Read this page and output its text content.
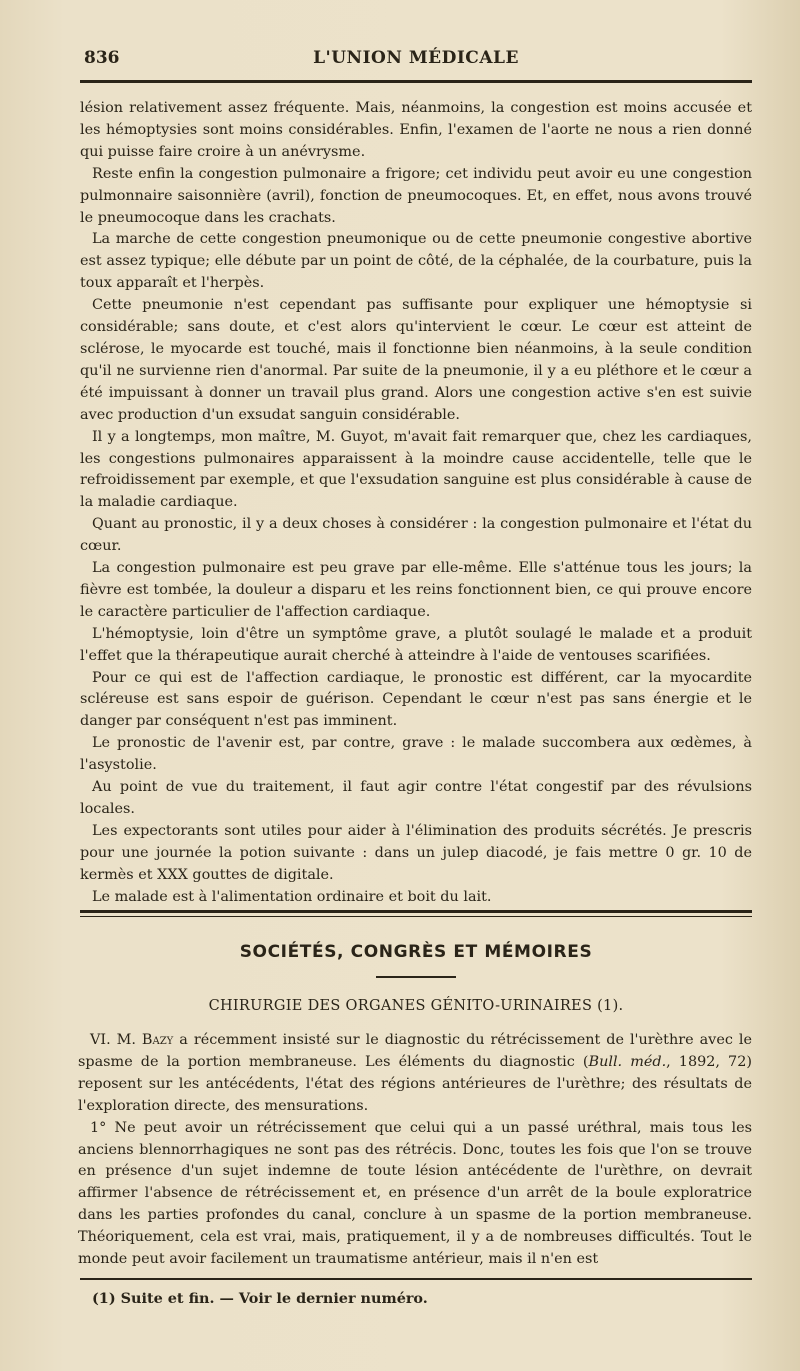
836	L'UNION MÉDICALE

lésion relativement assez fréquente. Mais, néanmoins, la congestion est moins accusée et les hémoptysies sont moins considérables. Enfin, l'examen de l'aorte ne nous a rien donné qui puisse faire croire à un anévrysme.

Reste enfin la congestion pulmonaire a frigore; cet individu peut avoir eu une congestion pulmonnaire saisonnière (avril), fonction de pneumocoques. Et, en effet, nous avons trouvé le pneumocoque dans les crachats.

La marche de cette congestion pneumonique ou de cette pneumonie congestive abortive est assez typique; elle débute par un point de côté, de la céphalée, de la courbature, puis la toux apparaît et l'herpès.

Cette pneumonie n'est cependant pas suffisante pour expliquer une hémoptysie si considérable; sans doute, et c'est alors qu'intervient le cœur. Le cœur est atteint de sclérose, le myocarde est touché, mais il fonctionne bien néanmoins, à la seule condition qu'il ne survienne rien d'anormal. Par suite de la pneumonie, il y a eu pléthore et le cœur a été impuissant à donner un travail plus grand. Alors une congestion active s'en est suivie avec production d'un exsudat sanguin considérable.

Il y a longtemps, mon maître, M. Guyot, m'avait fait remarquer que, chez les cardiaques, les congestions pulmonaires apparaissent à la moindre cause accidentelle, telle que le refroidissement par exemple, et que l'exsudation sanguine est plus considérable à cause de la maladie cardiaque.

Quant au pronostic, il y a deux choses à considérer : la congestion pulmonaire et l'état du cœur.

La congestion pulmonaire est peu grave par elle-même. Elle s'atténue tous les jours; la fièvre est tombée, la douleur a disparu et les reins fonctionnent bien, ce qui prouve encore le caractère particulier de l'affection cardiaque.

L'hémoptysie, loin d'être un symptôme grave, a plutôt soulagé le malade et a produit l'effet que la thérapeutique aurait cherché à atteindre à l'aide de ventouses scarifiées.

Pour ce qui est de l'affection cardiaque, le pronostic est différent, car la myocardite scléreuse est sans espoir de guérison. Cependant le cœur n'est pas sans énergie et le danger par conséquent n'est pas imminent.

Le pronostic de l'avenir est, par contre, grave : le malade succombera aux œdèmes, à l'asystolie.

Au point de vue du traitement, il faut agir contre l'état congestif par des révulsions locales.

Les expectorants sont utiles pour aider à l'élimination des produits sécrétés. Je prescris pour une journée la potion suivante : dans un julep diacodé, je fais mettre 0 gr. 10 de kermès et XXX gouttes de digitale.

Le malade est à l'alimentation ordinaire et boit du lait.

SOCIÉTÉS, CONGRÈS ET MÉMOIRES
CHIRURGIE DES ORGANES GÉNITO-URINAIRES (1).

VI. M. Bazy a récemment insisté sur le diagnostic du rétrécissement de l'urèthre avec le spasme de la portion membraneuse. Les éléments du diagnostic (Bull. méd., 1892, 72) reposent sur les antécédents, l'état des régions antérieures de l'urèthre; des résultats de l'exploration directe, des mensurations.

1° Ne peut avoir un rétrécissement que celui qui a un passé uréthral, mais tous les anciens blennorrhagiques ne sont pas des rétrécis. Donc, toutes les fois que l'on se trouve en présence d'un sujet indemne de toute lésion antécédente de l'urèthre, on devrait affirmer l'absence de rétrécissement et, en présence d'un arrêt de la boule exploratrice dans les parties profondes du canal, conclure à un spasme de la portion membraneuse. Théoriquement, cela est vrai, mais, pratiquement, il y a de nombreuses difficultés. Tout le monde peut avoir facilement un traumatisme antérieur, mais il n'en est

(1) Suite et fin. — Voir le dernier numéro.
